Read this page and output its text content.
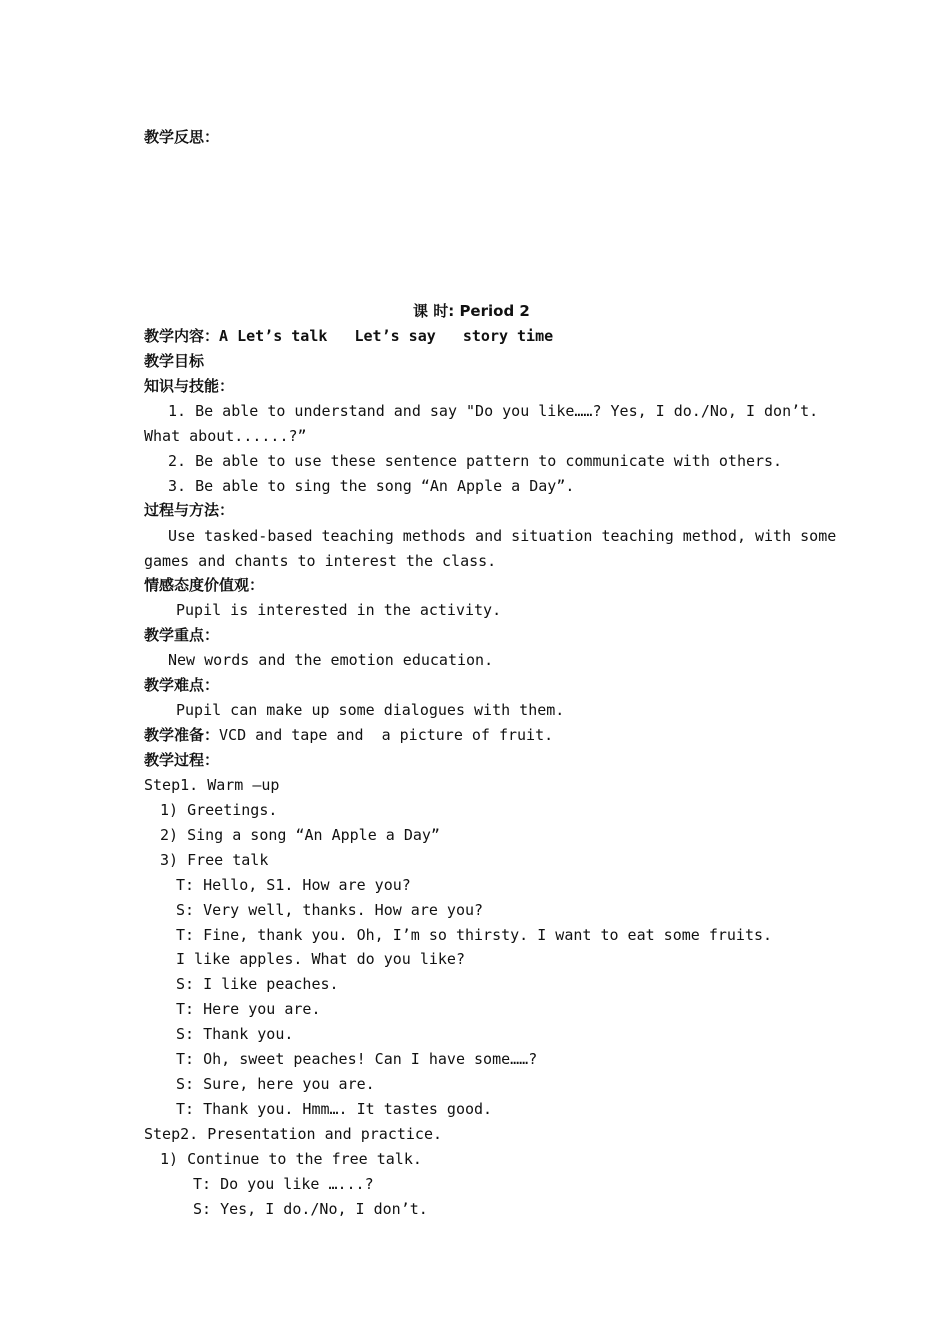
教学反思：
课 时: Period 2
教学内容：A Let’s talk   Let’s say   story time
教学目标
知识与技能：
1. Be able to understand and say "Do you like……? Yes, I do./No, I don’t.
What about......?”
2. Be able to use these sentence pattern to communicate with others.
3. Be able to sing the song “An Apple a Day”.
过程与方法：
Use tasked-based teaching methods and situation teaching method, with some
games and chants to interest the class.
情感态度价值观：
Pupil is interested in the activity.
教学重点：
New words and the emotion education.
教学难点：
Pupil can make up some dialogues with them.
教学准备：VCD and tape and  a picture of fruit.
教学过程：
Step1. Warm –up
1) Greetings.
2) Sing a song “An Apple a Day”
3) Free talk
T: Hello, S1. How are you?
S: Very well, thanks. How are you?
T: Fine, thank you. Oh, I’m so thirsty. I want to eat some fruits.
I like apples. What do you like?
S: I like peaches.
T: Here you are.
S: Thank you.
T: Oh, sweet peaches! Can I have some……?
S: Sure, here you are.
T: Thank you. Hmm…. It tastes good.
Step2. Presentation and practice.
1) Continue to the free talk.
T: Do you like …...?
S: Yes, I do./No, I don’t.
